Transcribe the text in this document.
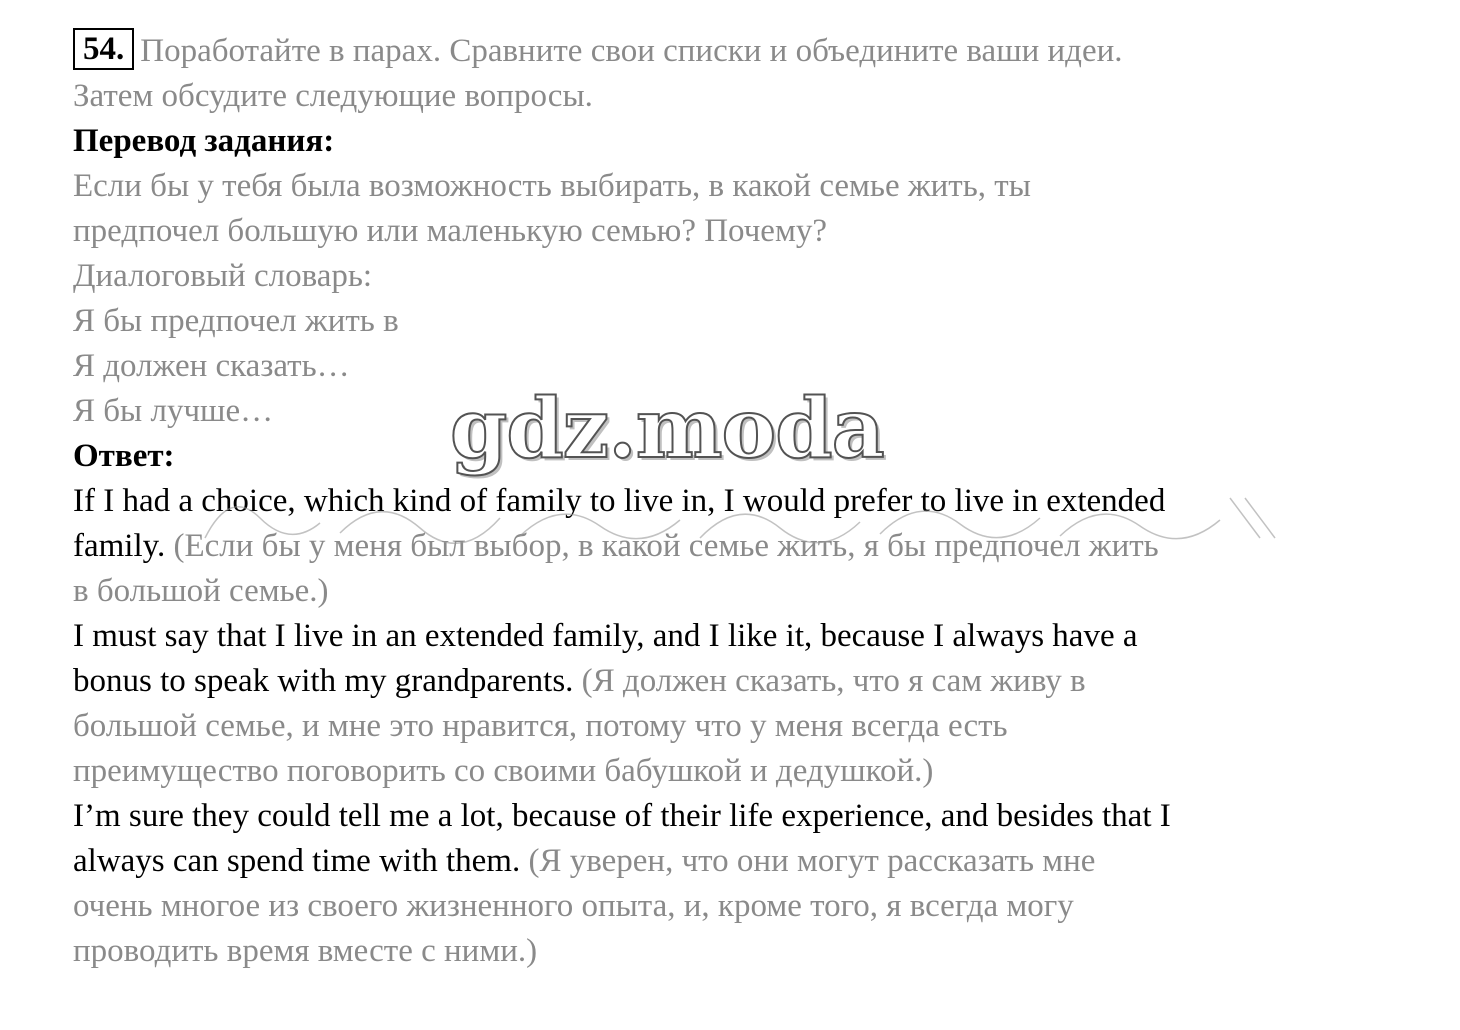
54. Поработайте в парах. Сравните свои списки и объедините ваши идеи.
Затем обсудите следующие вопросы.
Перевод задания:
Если бы у тебя была возможность выбирать, в какой семье жить, ты
предпочел большую или маленькую семью? Почему?
Диалоговый словарь:
Я бы предпочел жить в
Я должен сказать…
Я бы лучше…
Ответ:
If I had a choice, which kind of family to live in, I would prefer to live in extended
family. (Если бы у меня был выбор, в какой семье жить, я бы предпочел жить
в большой семье.)
I must say that I live in an extended family, and I like it, because I always have a
bonus to speak with my grandparents. (Я должен сказать, что я сам живу в
большой семье, и мне это нравится, потому что у меня всегда есть
преимущество поговорить со своими бабушкой и дедушкой.)
I’m sure they could tell me a lot, because of their life experience, and besides that I
always can spend time with them. (Я уверен, что они могут рассказать мне
очень многое из своего жизненного опыта, и, кроме того, я всегда могу
проводить время вместе с ними.)
gdz.moda
